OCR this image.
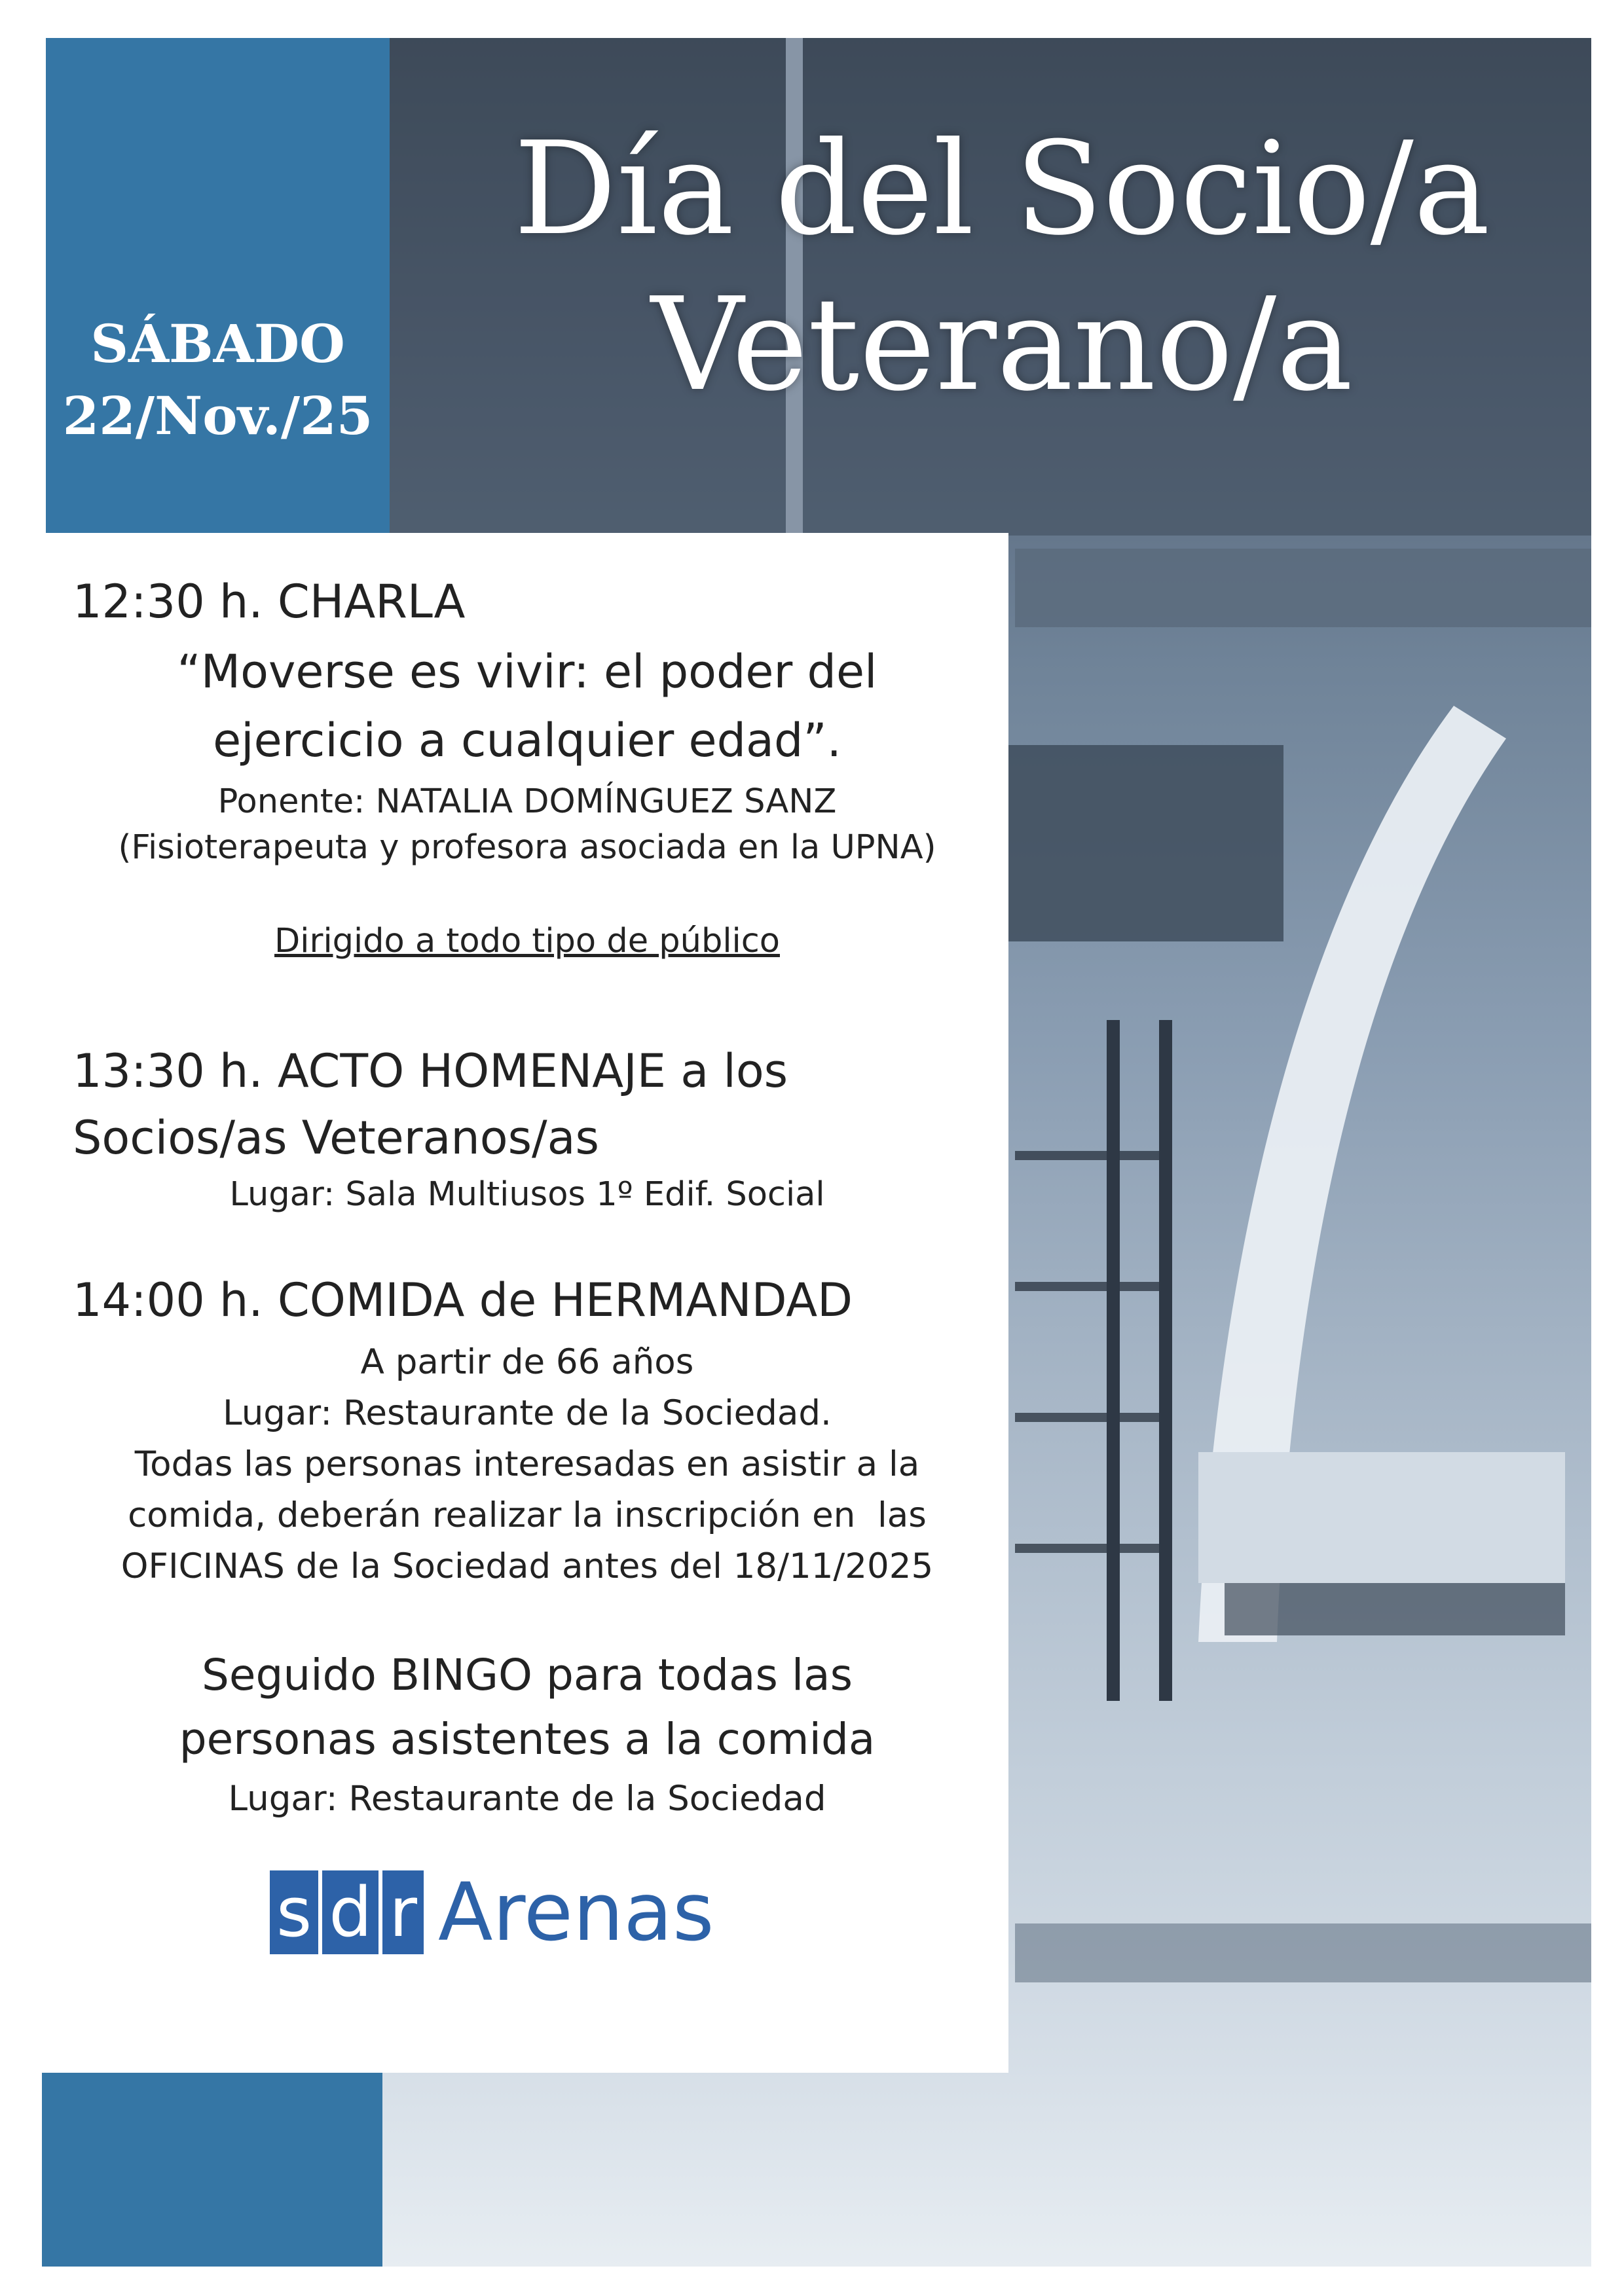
SÁBADO
22/Nov./25
Día del Socio/a
Veterano/a
12:30 h. CHARLA
“Moverse es vivir: el poder del
ejercicio a cualquier edad”.
Ponente: NATALIA DOMÍNGUEZ SANZ
(Fisioterapeuta y profesora asociada en la UPNA)
Dirigido a todo tipo de público
13:30 h. ACTO HOMENAJE a los
Socios/as Veteranos/as
Lugar: Sala Multiusos 1º Edif. Social
14:00 h. COMIDA de HERMANDAD
A partir de 66 años
Lugar: Restaurante de la Sociedad.
Todas las personas interesadas en asistir a la
comida, deberán realizar la inscripción en  las
OFICINAS de la Sociedad antes del 18/11/2025
Seguido BINGO para todas las
personas asistentes a la comida
Lugar: Restaurante de la Sociedad
s d r Arenas
